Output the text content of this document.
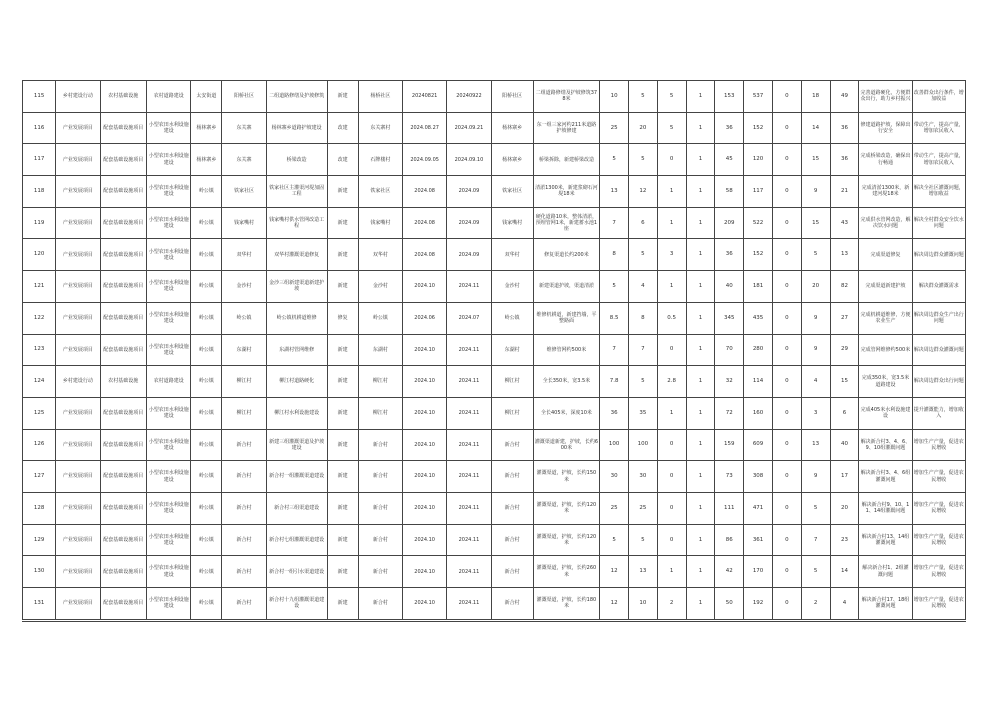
115	乡村建设行动	农村基础设施	农村道路建设	太安街道	阳桥社区	二组道路修缮及护坡修筑	新建	杨桥社区	20240821	20240922	阳桥社区	二组道路修缮及护坡修筑378米	10	5	5	1	153	537	0	18	49	完善道路硬化，方便群众出行，助力乡村振兴	改善群众出行条件，增加收益
116	产业发展项目	配套基础设施项目	小型农田水利设施建设	杨林寨乡	东关寨	杨林寨乡道路护坡建设	改建	东关寨村	2024.08.27	2024.09.21	杨林寨乡	东一组三家河约211米道路护坡修建	25	20	5	1	36	152	0	14	36	修建道路护坡，保障出行安全	带动生产，提高产量，增加农民收入
117	产业发展项目	配套基础设施项目	小型农田水利设施建设	杨林寨乡	东关寨	桥梁改造	改建	石牌楼村	2024.09.05	2024.09.10	杨林寨乡	桥梁拆除，新建桥梁改造	5	5	0	1	45	120	0	15	36	完成桥梁改造，确保出行畅通	带动生产，提高产量，增加农民收入
118	产业发展项目	配套基础设施项目	小型农田水利设施建设	岭公镇	铁家社区	铁家社区主灌渠河堤加固工程	新建	铁家社区	2024.08	2024.09	铁家社区	清淤1300米，新建浆砌石河堤18米	13	12	1	1	58	117	0	9	21	完成清淤1300米，新建河堤18米	解决全社区灌溉问题，增加收益
119	产业发展项目	配套基础设施项目	小型农田水利设施建设	岭公镇	钱家嘴村	钱家嘴村供水管网改造工程	新建	钱家嘴村	2024.08	2024.09	钱家嘴村	硬化道路10米，整体清淤，预埋管网1米，新建蓄水池1座	7	6	1	1	209	522	0	15	43	完成供水管网改造，解决饮水问题	解决全村群众安全饮水问题
120	产业发展项目	配套基础设施项目	小型农田水利设施建设	岭公镇	双华村	双华村灌溉渠道修复	新建	双华村	2024.08	2024.09	双华村	修复渠道长约200米	8	5	3	1	36	152	0	5	13	完成渠道修复	解决周边群众灌溉问题
121	产业发展项目	配套基础设施项目	小型农田水利设施建设	岭公镇	金沙村	金沙三组新建渠道新建护坡	新建	金沙村	2024.10	2024.11	金沙村	新建渠道护坡，渠道清淤	5	4	1	1	40	181	0	20	82	完成渠道新建护坡	解决群众灌溉需求
122	产业发展项目	配套基础设施项目	小型农田水利设施建设	岭公镇	岭公镇	岭公镇机耕道维修	修复	岭公镇	2024.06	2024.07	岭公镇	维修机耕道，新建挡墙，平整路面	8.5	8	0.5	1	345	435	0	9	27	完成机耕道维修，方便农业生产	解决周边群众生产出行问题
123	产业发展项目	配套基础设施项目	小型农田水利设施建设	岭公镇	东湖村	东湖村管网维修	新建	东湖村	2024.10	2024.11	东湖村	维修管网约500米	7	7	0	1	70	280	0	9	29	完成管网维修约500米	解决周边群众灌溉问题
124	乡村建设行动	农村基础设施	农村道路建设	岭公镇	柳江村	柳江村道路硬化	新建	柳江村	2024.10	2024.11	柳江村	全长350米，宽3.5米	7.8	5	2.8	1	32	114	0	4	15	完成350米，宽3.5米道路建设	解决周边群众出行问题
125	产业发展项目	配套基础设施项目	小型农田水利设施建设	岭公镇	柳江村	柳江村水利设施建设	新建	柳江村	2024.10	2024.11	柳江村	全长405米，深度10米	36	35	1	1	72	160	0	3	6	完成405米水利设施建设	提升灌溉能力，增加收入
126	产业发展项目	配套基础设施项目	小型农田水利设施建设	岭公镇	新合村	新建三组灌溉渠道及护坡建设	新建	新合村	2024.10	2024.11	新合村	灌溉渠道新建，护坡，长约600米	100	100	0	1	159	609	0	13	40	解决新合村3、4、6、9、10组灌溉问题	增加生产产量，促进农民增收
127	产业发展项目	配套基础设施项目	小型农田水利设施建设	岭公镇	新合村	新合村一组灌溉渠道建设	新建	新合村	2024.10	2024.11	新合村	灌溉渠道，护坡，长约150米	30	30	0	1	73	308	0	9	17	解决新合村3、4、6组灌溉问题	增加生产产量，促进农民增收
128	产业发展项目	配套基础设施项目	小型农田水利设施建设	岭公镇	新合村	新合村三组渠道建设	新建	新合村	2024.10	2024.11	新合村	灌溉渠道，护坡，长约120米	25	25	0	1	111	471	0	5	20	解决新合村9、10、11、14组灌溉问题	增加生产产量，促进农民增收
129	产业发展项目	配套基础设施项目	小型农田水利设施建设	岭公镇	新合村	新合村七组灌溉渠道建设	新建	新合村	2024.10	2024.11	新合村	灌溉渠道，护坡，长约120米	5	5	0	1	86	361	0	7	23	解决新合村13、14组灌溉问题	增加生产产量，促进农民增收
130	产业发展项目	配套基础设施项目	小型农田水利设施建设	岭公镇	新合村	新合村一组引水渠道建设	新建	新合村	2024.10	2024.11	新合村	灌溉渠道，护坡，长约260米	12	13	1	1	42	170	0	5	14	解决新合村1、2组灌溉问题	增加生产产量，促进农民增收
131	产业发展项目	配套基础设施项目	小型农田水利设施建设	岭公镇	新合村	新合村十九组灌溉渠道建设	新建	新合村	2024.10	2024.11	新合村	灌溉渠道，护坡，长约180米	12	10	2	1	50	192	0	2	4	解决新合村17、18组灌溉问题	增加生产产量，促进农民增收
